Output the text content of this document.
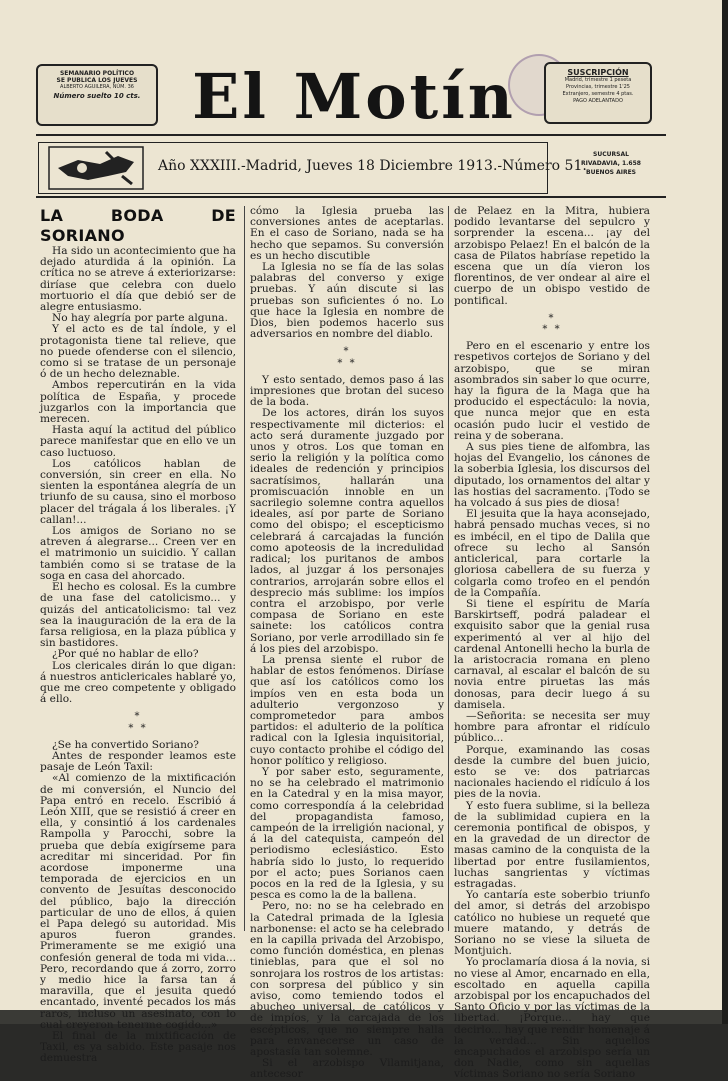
SEMANARIO POLÍTICO
SE PUBLICA LOS JUEVES
ALBERTO AGUILERA, NÚM. 36
Número suelto 10 cts. El Motín	SUSCRIPCIÓN
Madrid, trimestre 1 peseta
Provincias, trimestre 1'25
Extranjero, semestre 4 ptas.
PAGO ADELANTADO
Año XXXIII.-Madrid, Jueves 18 Diciembre 1913.-Número 51.
SUCURSAL
RIVADAVIA, 1.658
BUENOS AIRES

LA BODA DE SORIANO

Ha sido un acontecimiento que ha dejado aturdida á la opinión. La crítica no se atreve á exteriorizarse: diríase que celebra con duelo mortuorio el día que debió ser de alegre entusiasmo.

No hay alegría por parte alguna.

Y el acto es de tal índole, y el protagonista tiene tal relieve, que no puede ofenderse con el silencio, como si se tratase de un personaje ó de un hecho deleznable.

Ambos repercutirán en la vida política de España, y procede juzgarlos con la importancia que merecen.

Hasta aquí la actitud del público parece manifestar que en ello ve un caso luctuoso.

Los católicos hablan de conversión, sin creer en ella. No sienten la espontánea alegría de un triunfo de su causa, sino el morboso placer del trágala á los liberales. ¡Y callan!...

Los amigos de Soriano no se atreven á alegrarse... Creen ver en el matrimonio un suicidio. Y callan también como si se tratase de la soga en casa del ahorcado.

El hecho es colosal. Es la cumbre de una fase del catolicismo... y quizás del anticatolicismo: tal vez sea la inauguración de la era de la farsa religiosa, en la plaza pública y sin bastidores.

¿Por qué no hablar de ello?

Los clericales dirán lo que digan: á nuestros anticlericales hablaré yo, que me creo competente y obligado á ello.

*
* *

¿Se ha convertido Soriano?

Antes de responder leamos este pasaje de León Taxil:

«Al comienzo de la mixtificación de mi conversión, el Nuncio del Papa entró en recelo. Escribió á León XIII, que se resistió á creer en ella, y consintió á los cardenales Rampolla y Parocchi, sobre la prueba que debía exigírseme para acreditar mi sinceridad. Por fin acordose imponerme una temporada de ejercicios en un convento de Jesuítas desconocido del público, bajo la dirección particular de uno de ellos, á quien el Papa delegó su autoridad. Mis apuros fueron grandes. Primeramente se me exigió una confesión general de toda mi vida... Pero, recordando que á zorro, zorro y medio hice la farsa tan á maravilla, que el jesuita quedó encantado, inventé pecados los más raros, incluso un asesinato, con lo cual creyeron tenerme cogido...»

El final de la mixtificación de Taxil, es ya sabido. Este pasaje nos demuestra

cómo la Iglesia prueba las conversiones antes de aceptarlas. En el caso de Soriano, nada se ha hecho que sepamos. Su conversión es un hecho discutible

La Iglesia no se fía de las solas palabras del converso y exige pruebas. Y aún discute si las pruebas son suficientes ó no. Lo que hace la Iglesia en nombre de Dios, bien podemos hacerlo sus adversarios en nombre del diablo.

*
* *

Y esto sentado, demos paso á las impresiones que brotan del suceso de la boda.

De los actores, dirán los suyos respectivamente mil dicterios: el acto será duramente juzgado por unos y otros. Los que toman en serio la religión y la política como ideales de redención y principios sacratísimos, hallarán una promiscuación innoble en un sacrilegio solemne contra aquellos ideales, así por parte de Soriano como del obispo; el escepticismo celebrará á carcajadas la función como apoteosis de la incredulidad radical; los puritanos de ambos lados, al juzgar á los personajes contrarios, arrojarán sobre ellos el desprecio más sublime: los impíos contra el arzobispo, por verle compasa de Soriano en este sainete: los católicos contra Soriano, por verle arrodillado sin fe á los pies del arzobispo.

La prensa siente el rubor de hablar de estos fenómenos. Diríase que así los católicos como los impíos ven en esta boda un adulterio vergonzoso y comprometedor para ambos partidos: el adulterio de la política radical con la Iglesia inquisitorial, cuyo contacto prohibe el código del honor político y religioso.

Y por saber esto, seguramente, no se ha celebrado el matrimonio en la Catedral y en la misa mayor, como correspondía á la celebridad del propagandista famoso, campeón de la irreligión nacional, y á la del catequista, campeón del periodismo eclesiástico. Esto habría sido lo justo, lo requerido por el acto; pues Sorianos caen pocos en la red de la Iglesia, y su pesca es como la de la ballena.

Pero, no: no se ha celebrado en la Catedral primada de la Iglesia narbonense: el acto se ha celebrado en la capilla privada del Arzobispo, como función doméstica, en plenas tinieblas, para que el sol no sonrojara los rostros de los artistas: con sorpresa del público y sin aviso, como temiendo todos el abucheo universal, de católicos y de impíos, y la carcajada de los escépticos, que no siempre halla para envanecerse un caso de apostasía tan solemne.

Si el arzobispo Vilamitjana, antecesor

de Pelaez en la Mitra, hubiera podido levantarse del sepulcro y sorprender la escena... ¡ay del arzobispo Pelaez! En el balcón de la casa de Pilatos habríase repetido la escena que un día vieron los florentinos, de ver ondear al aire el cuerpo de un obispo vestido de pontifical.

*
* *

Pero en el escenario y entre los respetivos cortejos de Soriano y del arzobispo, que se miran asombrados sin saber lo que ocurre, hay la figura de la Maga que ha producido el espectáculo: la novia, que nunca mejor que en esta ocasión pudo lucir el vestido de reina y de soberana.

A sus pies tiene de alfombra, las hojas del Evangelio, los cánones de la soberbia Iglesia, los discursos del diputado, los ornamentos del altar y las hostias del sacramento. ¡Todo se ha volcado á sus pies de diosa!

El jesuita que la haya aconsejado, habrá pensado muchas veces, si no es imbécil, en el tipo de Dalila que ofrece su lecho al Sansón anticlerical, para cortarle la gloriosa cabellera de su fuerza y colgarla como trofeo en el pendón de la Compañía.

Si tiene el espíritu de María Barskirtseff, podrá paladear el exquisito sabor que la genial rusa experimentó al ver al hijo del cardenal Antonelli hecho la burla de la aristocracia romana en pleno carnaval, al escalar el balcón de su novia entre piruetas las más donosas, para decir luego á su damisela.

—Señorita: se necesita ser muy hombre para afrontar el ridículo público...

Porque, examinando las cosas desde la cumbre del buen juicio, esto se ve: dos patriarcas nacionales haciendo el ridículo á los pies de la novia.

Y esto fuera sublime, si la belleza de la sublimidad cupiera en la ceremonia pontifical de obispos, y en la gravedad de un director de masas camino de la conquista de la libertad por entre fusilamientos, luchas sangrientas y víctimas estragadas.

Yo cantaría este soberbio triunfo del amor, si detrás del arzobispo católico no hubiese un requeté que muere matando, y detrás de Soriano no se viese la silueta de Montjuich.

Yo proclamaría diosa á la novia, si no viese al Amor, encarnado en ella, escoltado en aquella capilla arzobispal por los encapuchados del Santo Oficio y por las víctimas de la libertad. ¡Porque... hay que decirlo... hay que rendir homenaje á la verdad... Sin aquellos encapuchados el arzobispo sería un don Nadie, como sin aquellas víctimas Soriano no sería Soriano
